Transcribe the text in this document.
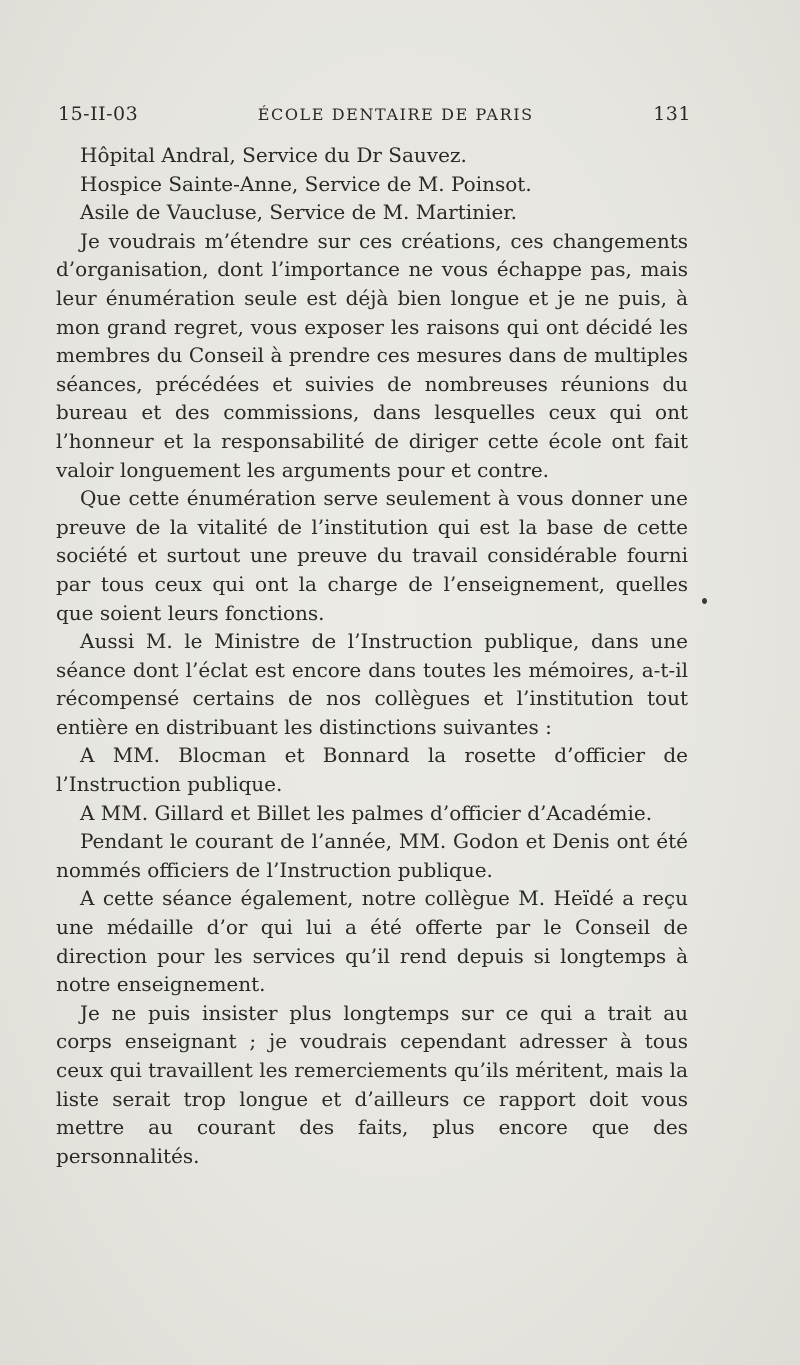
15-II-03	ÉCOLE DENTAIRE DE PARIS	131

Hôpital Andral, Service du Dr Sauvez.

Hospice Sainte-Anne, Service de M. Poinsot.

Asile de Vaucluse, Service de M. Martinier.

Je voudrais m’étendre sur ces créations, ces changements d’organisation, dont l’importance ne vous échappe pas, mais leur énumération seule est déjà bien longue et je ne puis, à mon grand regret, vous exposer les raisons qui ont décidé les membres du Conseil à prendre ces mesures dans de multiples séances, précédées et suivies de nombreuses réunions du bureau et des commissions, dans lesquelles ceux qui ont l’honneur et la responsabilité de diriger cette école ont fait valoir longuement les arguments pour et contre.

Que cette énumération serve seulement à vous donner une preuve de la vitalité de l’institution qui est la base de cette société et surtout une preuve du travail considérable fourni par tous ceux qui ont la charge de l’enseignement, quelles que soient leurs fonctions.

Aussi M. le Ministre de l’Instruction publique, dans une séance dont l’éclat est encore dans toutes les mémoires, a-t-il récompensé certains de nos collègues et l’institution tout entière en distribuant les distinctions suivantes :

A MM. Blocman et Bonnard la rosette d’officier de l’Instruction publique.

A MM. Gillard et Billet les palmes d’officier d’Académie.

Pendant le courant de l’année, MM. Godon et Denis ont été nommés officiers de l’Instruction publique.

A cette séance également, notre collègue M. Heïdé a reçu une médaille d’or qui lui a été offerte par le Conseil de direction pour les services qu’il rend depuis si longtemps à notre enseignement.

Je ne puis insister plus longtemps sur ce qui a trait au corps enseignant ; je voudrais cependant adresser à tous ceux qui travaillent les remerciements qu’ils méritent, mais la liste serait trop longue et d’ailleurs ce rapport doit vous mettre au courant des faits, plus encore que des personnalités.
